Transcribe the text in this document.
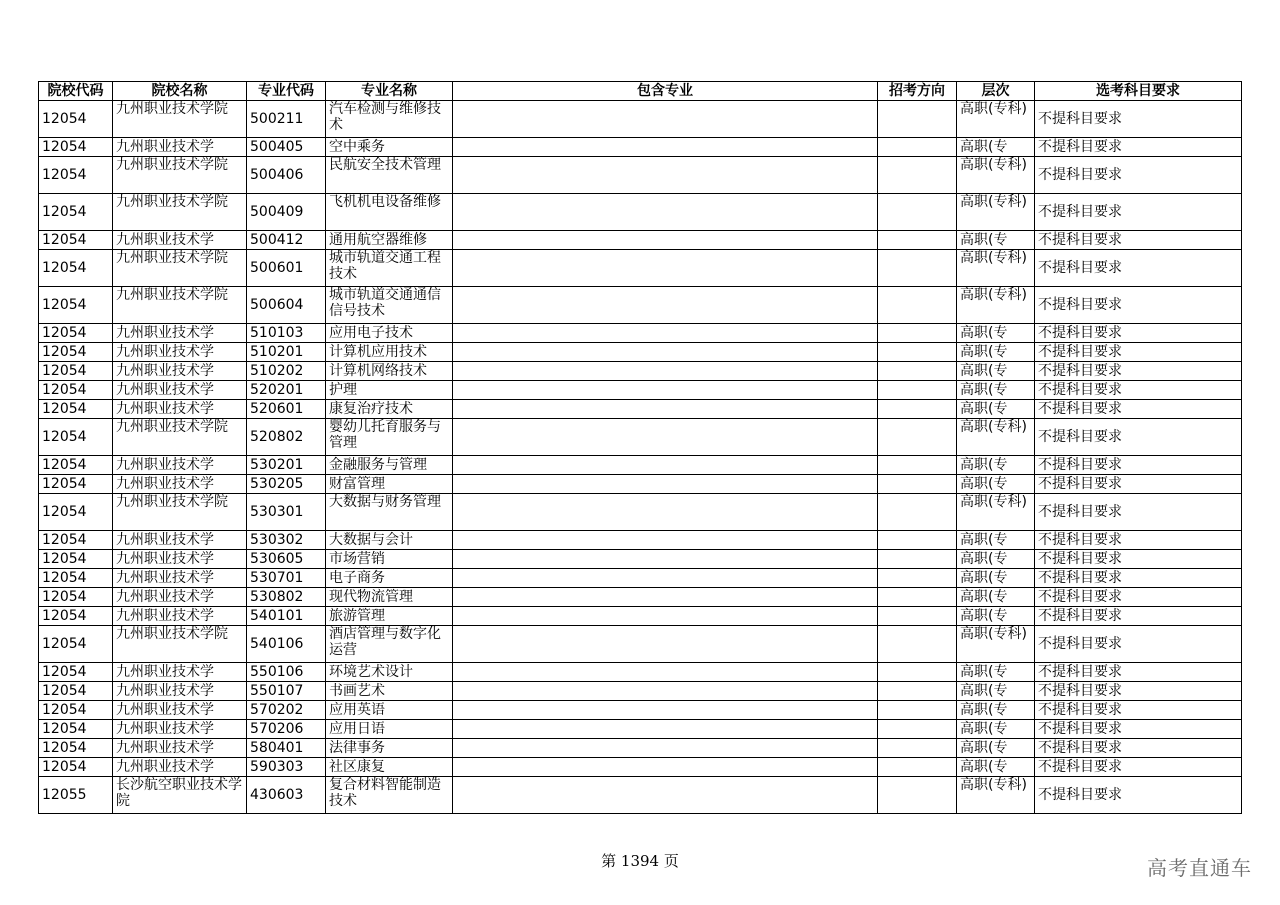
院校代码	院校名称	专业代码	专业名称	包含专业	招考方向	层次	选考科目要求
12054	九州职业技术学院	500211	汽车检测与维修技术			高职(专科)	不提科目要求
12054	九州职业技术学	500405	空中乘务			高职(专	不提科目要求
12054	九州职业技术学院	500406	民航安全技术管理			高职(专科)	不提科目要求
12054	九州职业技术学院	500409	飞机机电设备维修			高职(专科)	不提科目要求
12054	九州职业技术学	500412	通用航空器维修			高职(专	不提科目要求
12054	九州职业技术学院	500601	城市轨道交通工程技术			高职(专科)	不提科目要求
12054	九州职业技术学院	500604	城市轨道交通通信信号技术			高职(专科)	不提科目要求
12054	九州职业技术学	510103	应用电子技术			高职(专	不提科目要求
12054	九州职业技术学	510201	计算机应用技术			高职(专	不提科目要求
12054	九州职业技术学	510202	计算机网络技术			高职(专	不提科目要求
12054	九州职业技术学	520201	护理			高职(专	不提科目要求
12054	九州职业技术学	520601	康复治疗技术			高职(专	不提科目要求
12054	九州职业技术学院	520802	婴幼儿托育服务与管理			高职(专科)	不提科目要求
12054	九州职业技术学	530201	金融服务与管理			高职(专	不提科目要求
12054	九州职业技术学	530205	财富管理			高职(专	不提科目要求
12054	九州职业技术学院	530301	大数据与财务管理			高职(专科)	不提科目要求
12054	九州职业技术学	530302	大数据与会计			高职(专	不提科目要求
12054	九州职业技术学	530605	市场营销			高职(专	不提科目要求
12054	九州职业技术学	530701	电子商务			高职(专	不提科目要求
12054	九州职业技术学	530802	现代物流管理			高职(专	不提科目要求
12054	九州职业技术学	540101	旅游管理			高职(专	不提科目要求
12054	九州职业技术学院	540106	酒店管理与数字化运营			高职(专科)	不提科目要求
12054	九州职业技术学	550106	环境艺术设计			高职(专	不提科目要求
12054	九州职业技术学	550107	书画艺术			高职(专	不提科目要求
12054	九州职业技术学	570202	应用英语			高职(专	不提科目要求
12054	九州职业技术学	570206	应用日语			高职(专	不提科目要求
12054	九州职业技术学	580401	法律事务			高职(专	不提科目要求
12054	九州职业技术学	590303	社区康复			高职(专	不提科目要求
12055	长沙航空职业技术学院	430603	复合材料智能制造技术			高职(专科)	不提科目要求
第 1394 页	高考直通车
